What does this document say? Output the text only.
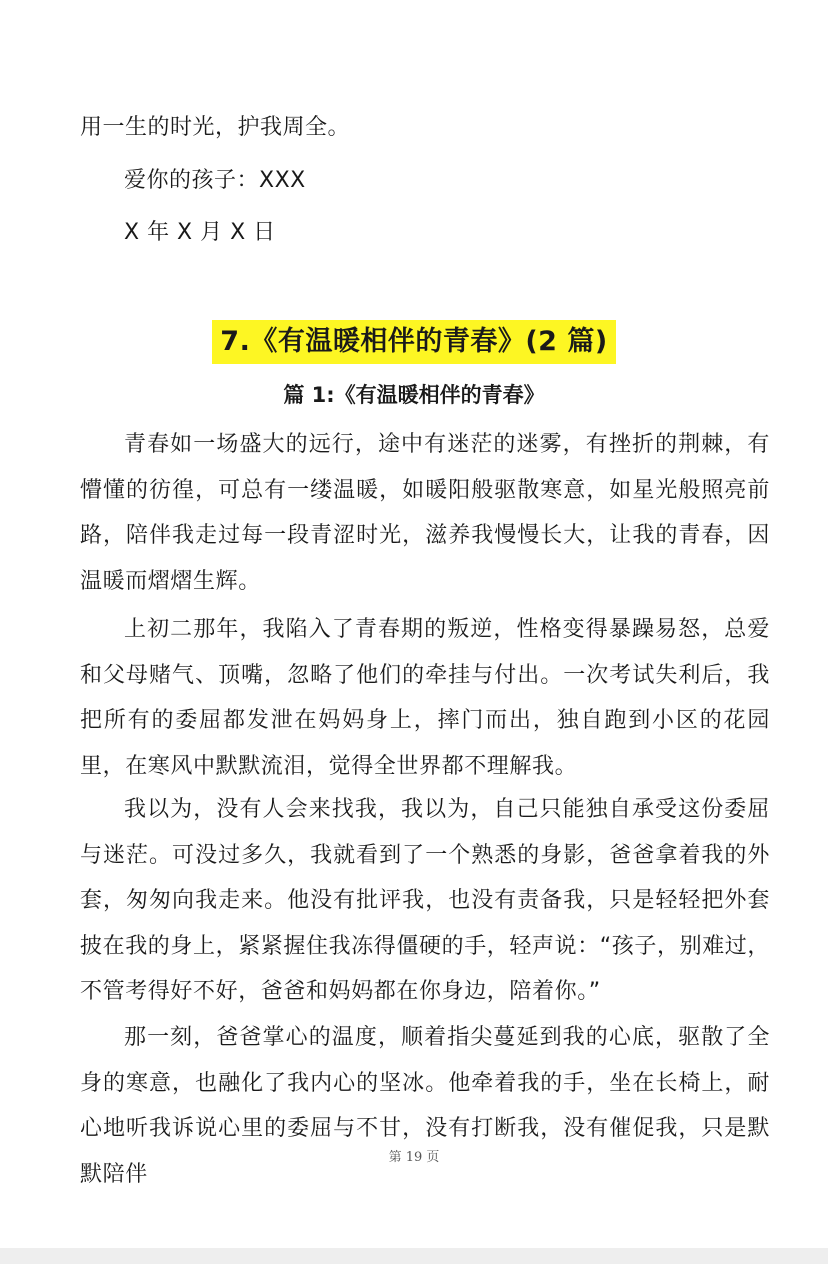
用一生的时光，护我周全。
爱你的孩子：XXX
X 年 X 月 X 日
7.《有温暖相伴的青春》(2 篇)
篇 1:《有温暖相伴的青春》

青春如一场盛大的远行，途中有迷茫的迷雾，有挫折的荆棘，有懵懂的彷徨，可总有一缕温暖，如暖阳般驱散寒意，如星光般照亮前路，陪伴我走过每一段青涩时光，滋养我慢慢长大，让我的青春，因温暖而熠熠生辉。

上初二那年，我陷入了青春期的叛逆，性格变得暴躁易怒，总爱和父母赌气、顶嘴，忽略了他们的牵挂与付出。一次考试失利后，我把所有的委屈都发泄在妈妈身上，摔门而出，独自跑到小区的花园里，在寒风中默默流泪，觉得全世界都不理解我。

我以为，没有人会来找我，我以为，自己只能独自承受这份委屈与迷茫。可没过多久，我就看到了一个熟悉的身影，爸爸拿着我的外套，匆匆向我走来。他没有批评我，也没有责备我，只是轻轻把外套披在我的身上，紧紧握住我冻得僵硬的手，轻声说：“孩子，别难过，不管考得好不好，爸爸和妈妈都在你身边，陪着你。”

那一刻，爸爸掌心的温度，顺着指尖蔓延到我的心底，驱散了全身的寒意，也融化了我内心的坚冰。他牵着我的手，坐在长椅上，耐心地听我诉说心里的委屈与不甘，没有打断我，没有催促我，只是默默陪伴

第 19 页
